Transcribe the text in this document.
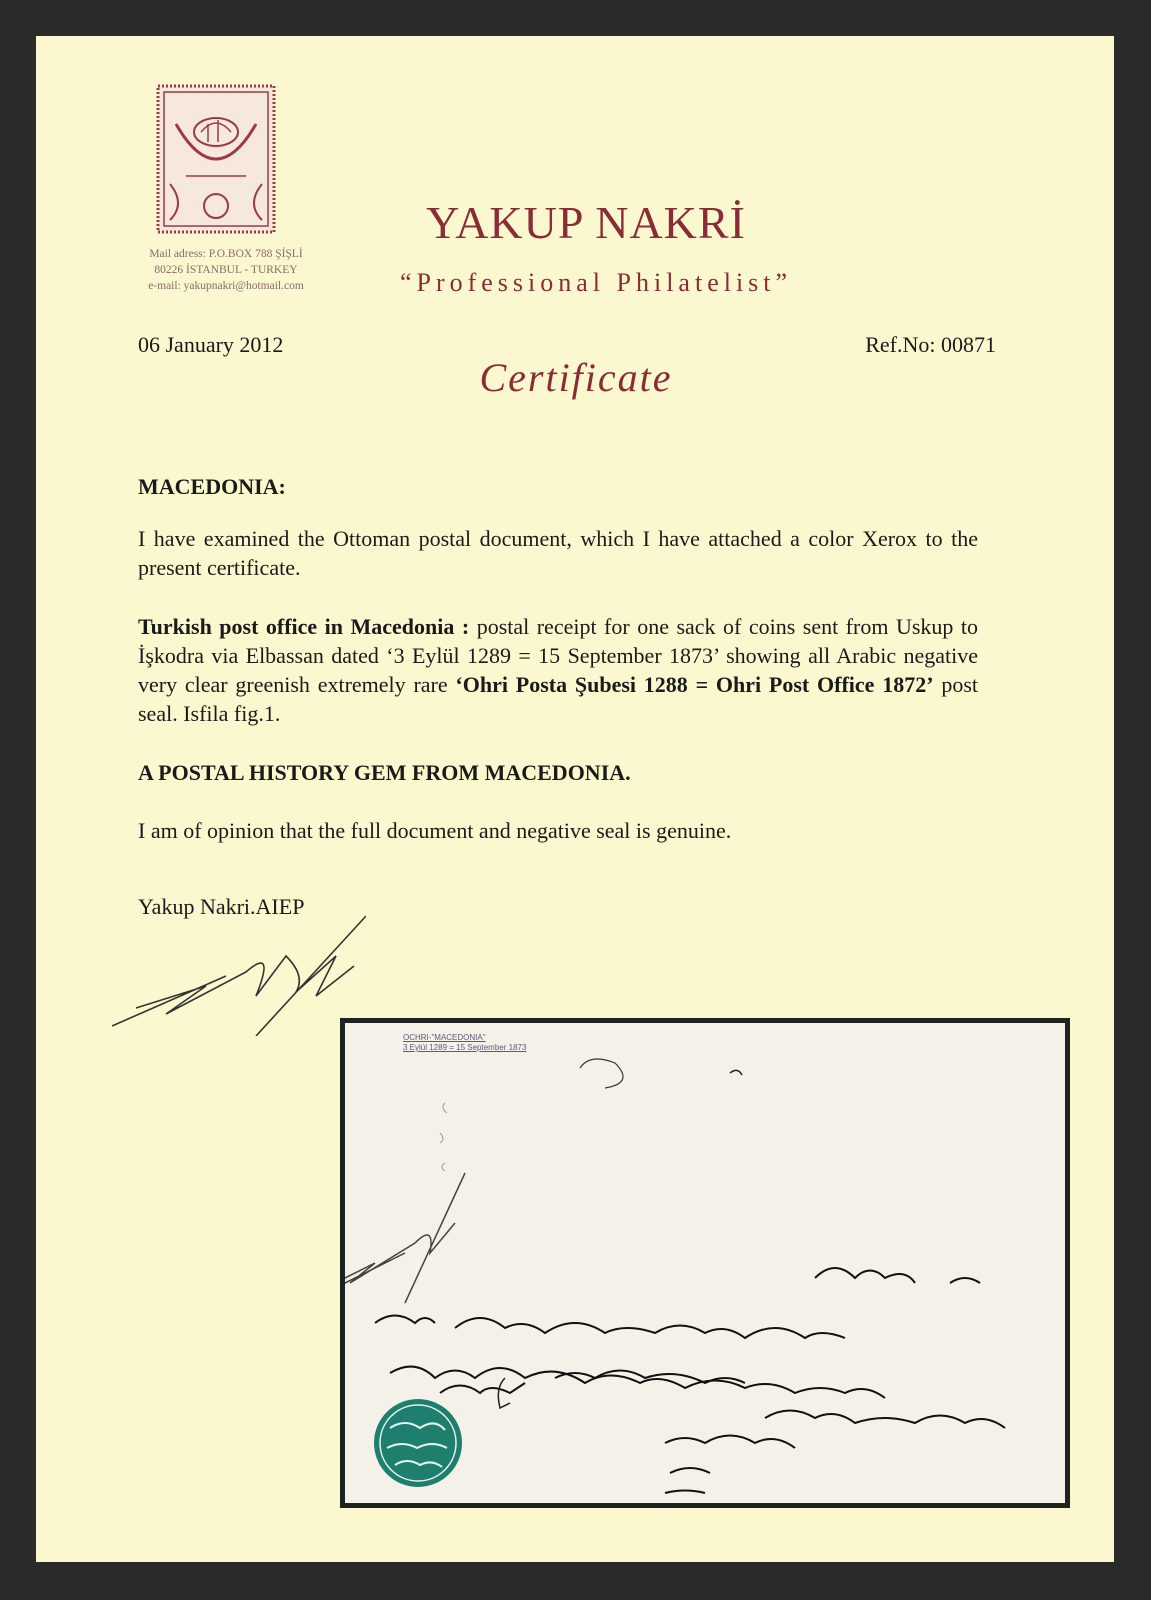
Mail adress: P.O.BOX 788 ŞİŞLİ
80226 İSTANBUL - TURKEY
e-mail: yakupnakri@hotmail.com
YAKUP NAKRİ
“Professional Philatelist”
06 January 2012	Ref.No: 00871
Certificate
MACEDONIA:
I have examined the Ottoman postal document, which I have attached a color Xerox to the present certificate.
Turkish post office in Macedonia : postal receipt for one sack of coins sent from Uskup to İşkodra via Elbassan dated ‘3 Eylül 1289 = 15 September 1873’ showing all Arabic negative very clear greenish extremely rare ‘Ohri Posta Şubesi 1288 = Ohri Post Office 1872’ post seal. Isfila fig.1.
A POSTAL HISTORY GEM FROM MACEDONIA.
I am of opinion that the full document and negative seal is genuine.
Yakup Nakri.AIEP
OCHRI-"MACEDONIA"
3 Eylül 1289 = 15 September 1873
